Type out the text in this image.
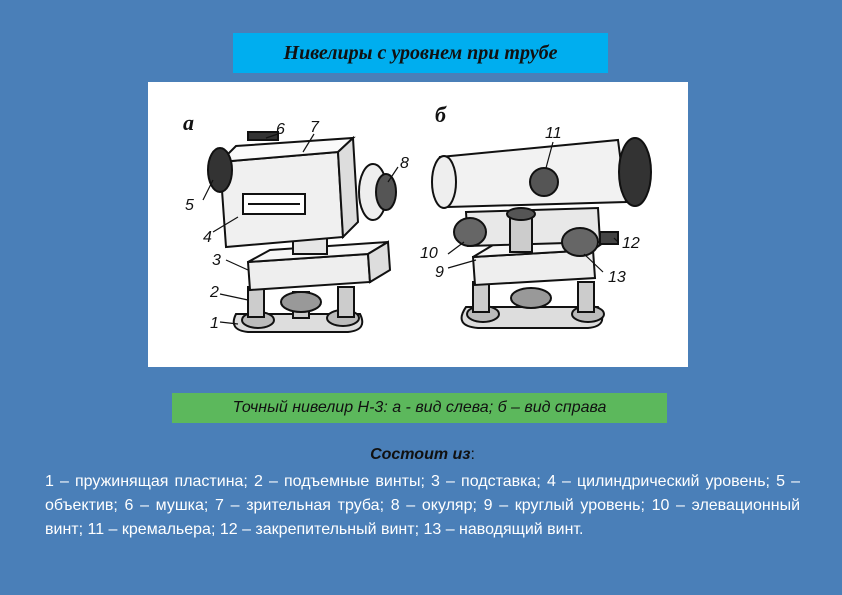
Нивелиры с уровнем при трубе
а	6 7
8
5
4
3
2
1
б
11
10
9
12
13
Точный нивелир Н-3: а - вид слева; б – вид справа
Состоит из:
1 – пружинящая пластина; 2 – подъемные винты; 3 – подставка; 4 – цилиндрический уровень; 5 – объектив; 6 – мушка; 7 – зрительная труба; 8 – окуляр; 9 – круглый уровень; 10 – элевационный винт; 11 – кремальера; 12 – закрепительный винт; 13 – наводящий винт.
